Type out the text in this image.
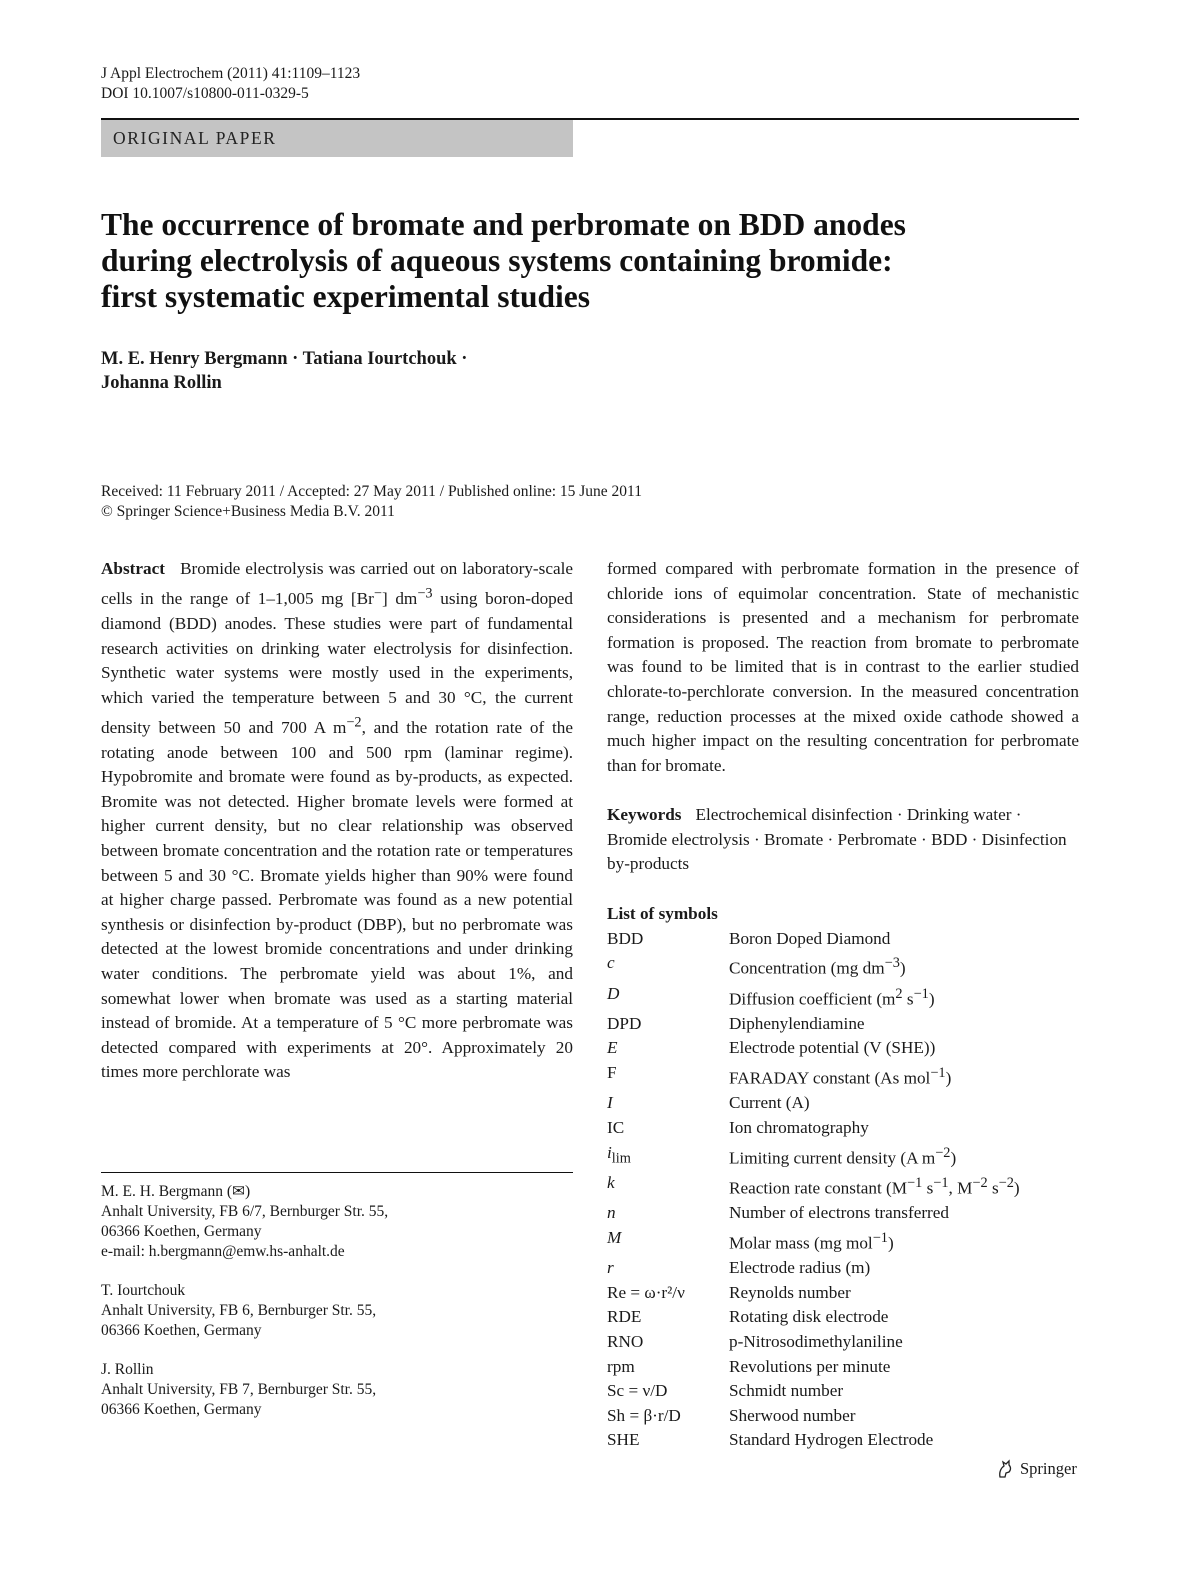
J Appl Electrochem (2011) 41:1109–1123
DOI 10.1007/s10800-011-0329-5
ORIGINAL PAPER
The occurrence of bromate and perbromate on BDD anodes
during electrolysis of aqueous systems containing bromide:
first systematic experimental studies
M. E. Henry Bergmann · Tatiana Iourtchouk ·
Johanna Rollin
Received: 11 February 2011 / Accepted: 27 May 2011 / Published online: 15 June 2011
© Springer Science+Business Media B.V. 2011
Abstract Bromide electrolysis was carried out on laboratory-scale cells in the range of 1–1,005 mg [Br−] $dm^{-3}$ using boron-doped diamond (BDD) anodes. These studies were part of fundamental research activities on drinking water electrolysis for disinfection. Synthetic water systems were mostly used in the experiments, which varied the temperature between 5 and 30 °C, the current density between 50 and 700 A $m^{-2}$, and the rotation rate of the rotating anode between 100 and 500 rpm (laminar regime). Hypobromite and bromate were found as by-products, as expected. Bromite was not detected. Higher bromate levels were formed at higher current density, but no clear relationship was observed between bromate concentration and the rotation rate or temperatures between 5 and 30 °C. Bromate yields higher than 90% were found at higher charge passed. Perbromate was found as a new potential synthesis or disinfection by-product (DBP), but no perbromate was detected at the lowest bromide concentrations and under drinking water conditions. The perbromate yield was about 1%, and somewhat lower when bromate was used as a starting material instead of bromide. At a temperature of 5 °C more perbromate was detected compared with experiments at 20°. Approximately 20 times more perchlorate was
formed compared with perbromate formation in the presence of chloride ions of equimolar concentration. State of mechanistic considerations is presented and a mechanism for perbromate formation is proposed. The reaction from bromate to perbromate was found to be limited that is in contrast to the earlier studied chlorate-to-perchlorate conversion. In the measured concentration range, reduction processes at the mixed oxide cathode showed a much higher impact on the resulting concentration for perbromate than for bromate.
Keywords Electrochemical disinfection · Drinking water · Bromide electrolysis · Bromate · Perbromate · BDD · Disinfection by-products
List of symbols
BDD	Boron Doped Diamond
c	Concentration (mg $dm^{-3}$)
D	Diffusion coefficient ($m^2$ $s^{-1}$)
DPD	Diphenylendiamine
E	Electrode potential (V (SHE))
F	FARADAY constant (As mol$^{-1}$)
I	Current (A)
IC	Ion chromatography
$i_{lim}$	Limiting current density (A $m^{-2}$)
k	Reaction rate constant ($M^{-1}$ $s^{-1}$, $M^{-2}$ $s^{-2}$)
n	Number of electrons transferred
M	Molar mass (mg mol$^{-1}$)
r	Electrode radius (m)
Re = ω·r²/ν	Reynolds number
RDE	Rotating disk electrode
RNO	p-Nitrosodimethylaniline
rpm	Revolutions per minute
Sc = ν/D	Schmidt number
Sh = β·r/D	Sherwood number
SHE	Standard Hydrogen Electrode
M. E. H. Bergmann (✉)
Anhalt University, FB 6/7, Bernburger Str. 55,
06366 Koethen, Germany
e-mail: h.bergmann@emw.hs-anhalt.de
T. Iourtchouk
Anhalt University, FB 6, Bernburger Str. 55,
06366 Koethen, Germany
J. Rollin
Anhalt University, FB 7, Bernburger Str. 55,
06366 Koethen, Germany
Springer
